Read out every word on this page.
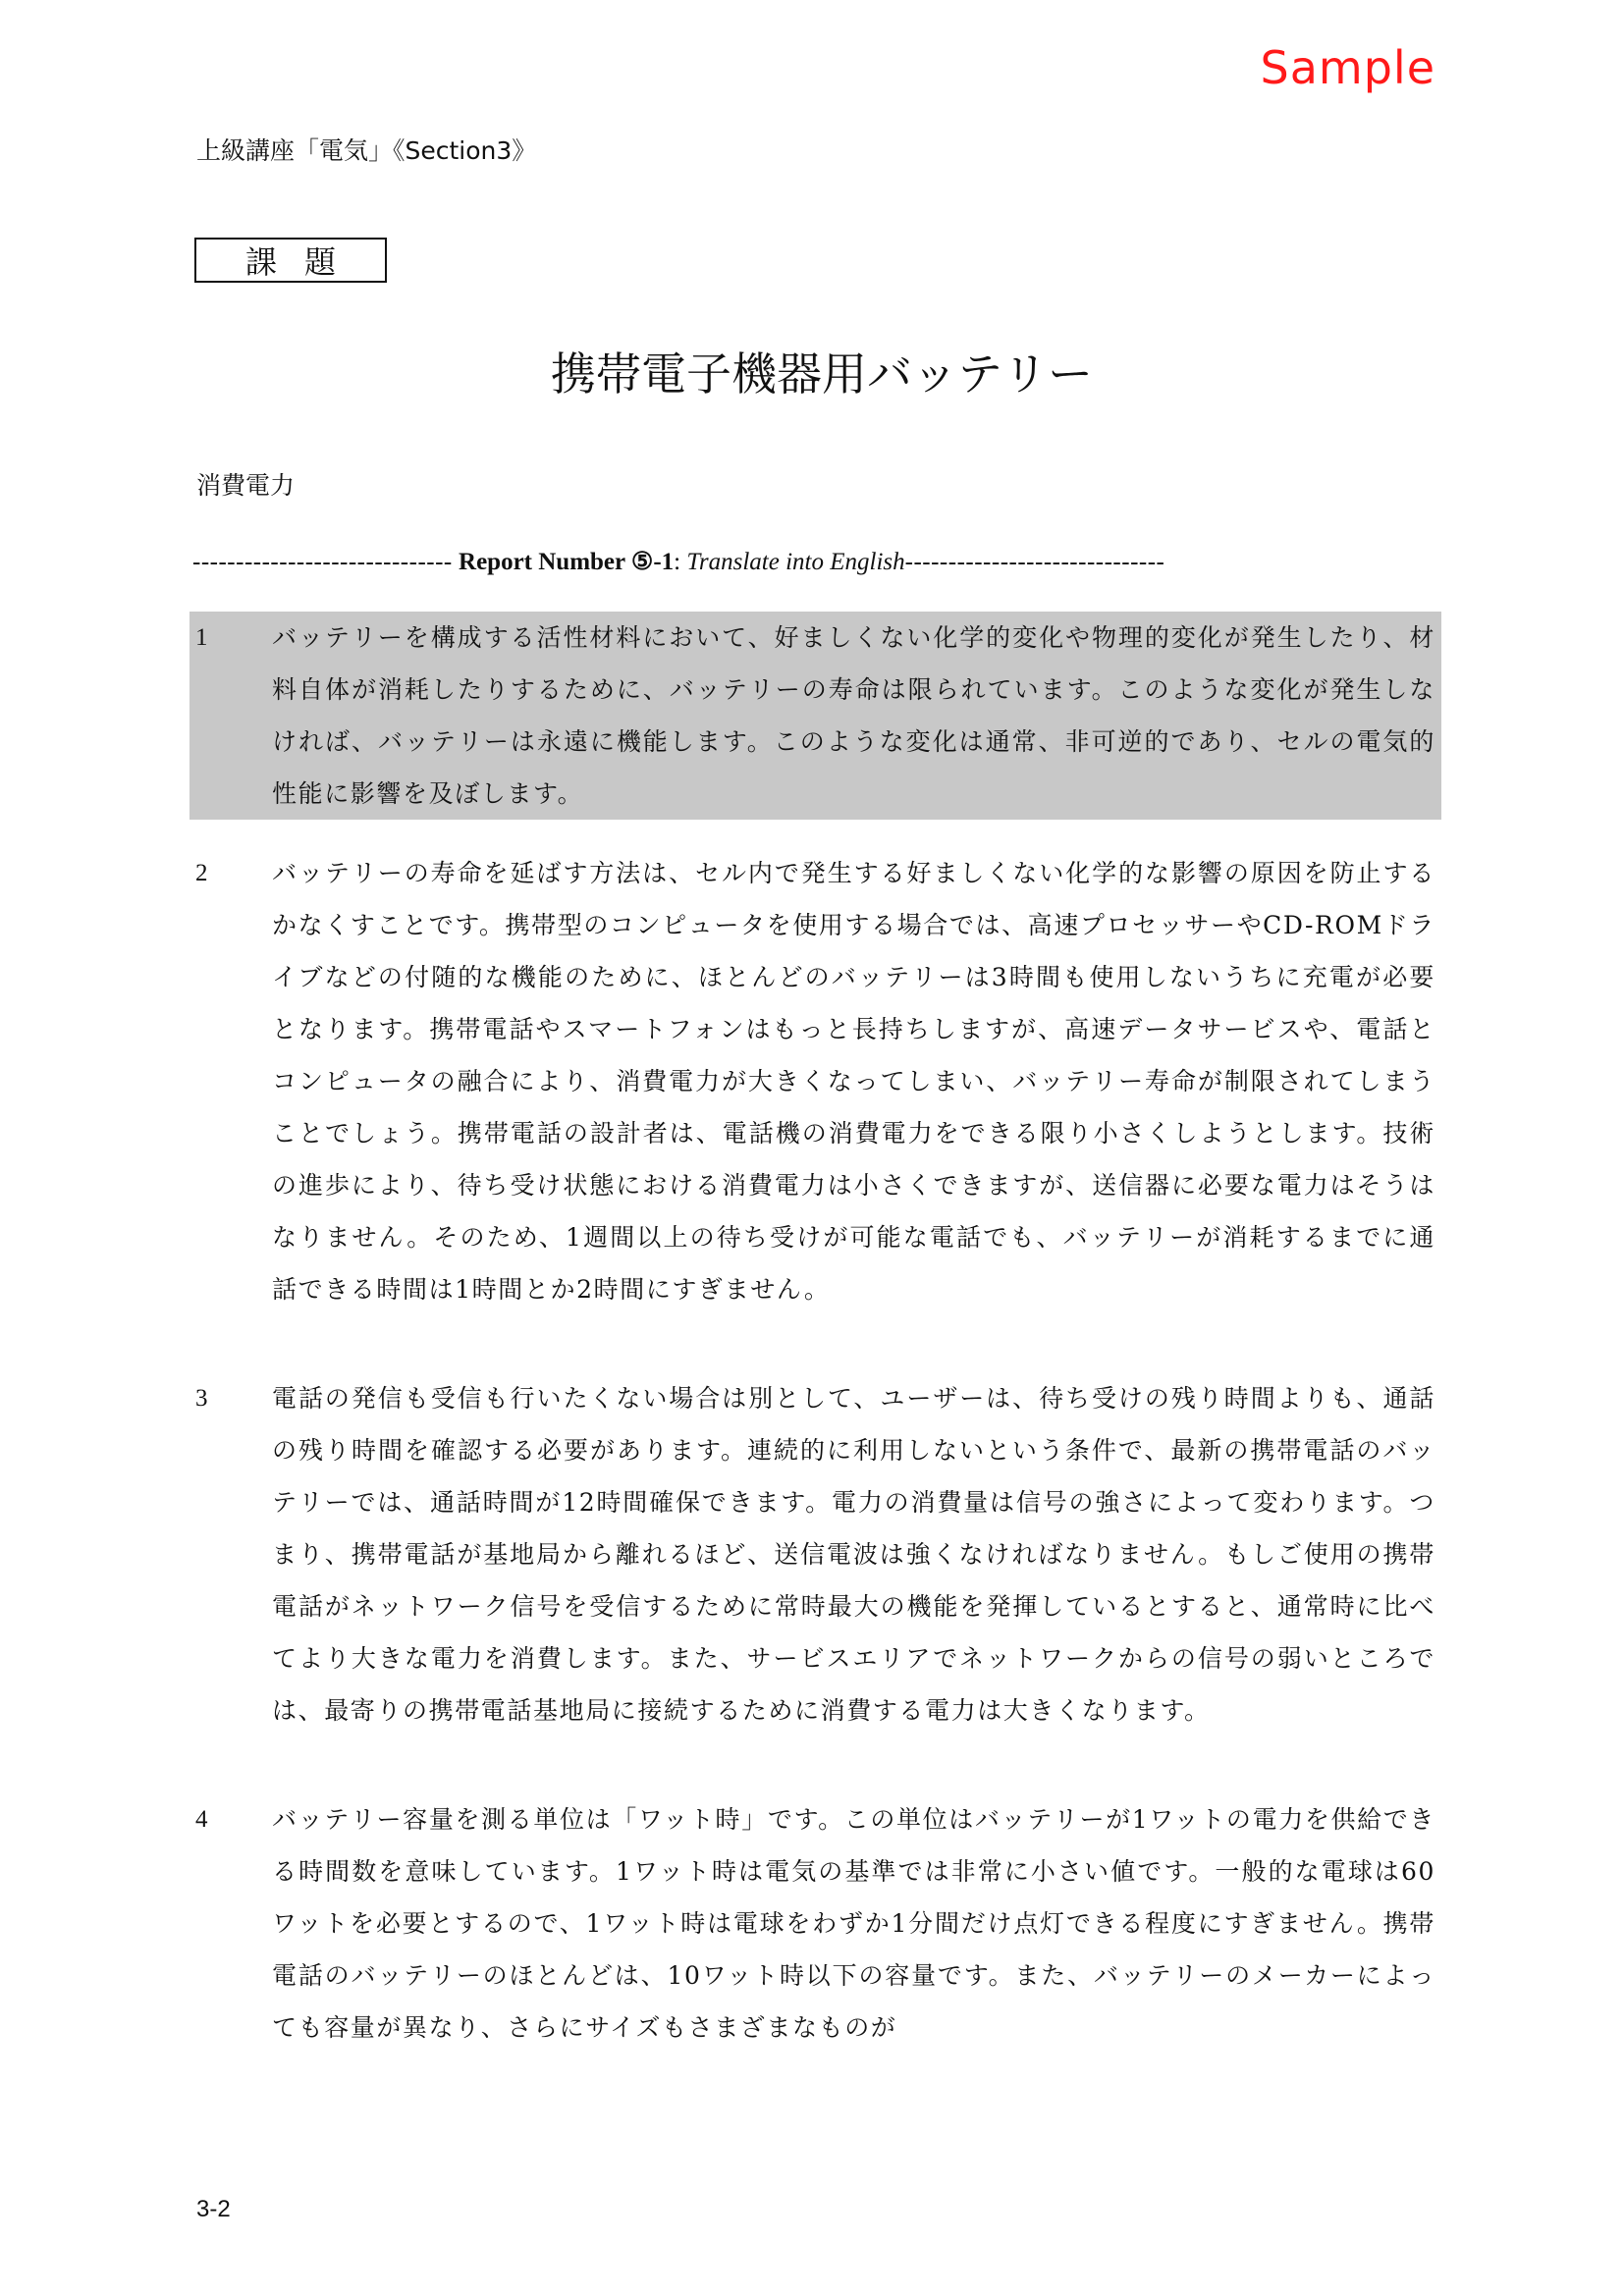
Sample
上級講座「電気」《Section3》
課題
携帯電子機器用バッテリー
消費電力
------------------------------ Report Number ⑤-1: Translate into English------------------------------
1	バッテリーを構成する活性材料において、好ましくない化学的変化や物理的変化が発生したり、材料自体が消耗したりするために、バッテリーの寿命は限られています。このような変化が発生しなければ、バッテリーは永遠に機能します。このような変化は通常、非可逆的であり、セルの電気的性能に影響を及ぼします。
2	バッテリーの寿命を延ばす方法は、セル内で発生する好ましくない化学的な影響の原因を防止するかなくすことです。携帯型のコンピュータを使用する場合では、高速プロセッサーやCD-ROMドライブなどの付随的な機能のために、ほとんどのバッテリーは3時間も使用しないうちに充電が必要となります。携帯電話やスマートフォンはもっと長持ちしますが、高速データサービスや、電話とコンピュータの融合により、消費電力が大きくなってしまい、バッテリー寿命が制限されてしまうことでしょう。携帯電話の設計者は、電話機の消費電力をできる限り小さくしようとします。技術の進歩により、待ち受け状態における消費電力は小さくできますが、送信器に必要な電力はそうはなりません。そのため、1週間以上の待ち受けが可能な電話でも、バッテリーが消耗するまでに通話できる時間は1時間とか2時間にすぎません。
3	電話の発信も受信も行いたくない場合は別として、ユーザーは、待ち受けの残り時間よりも、通話の残り時間を確認する必要があります。連続的に利用しないという条件で、最新の携帯電話のバッテリーでは、通話時間が12時間確保できます。電力の消費量は信号の強さによって変わります。つまり、携帯電話が基地局から離れるほど、送信電波は強くなければなりません。もしご使用の携帯電話がネットワーク信号を受信するために常時最大の機能を発揮しているとすると、通常時に比べてより大きな電力を消費します。また、サービスエリアでネットワークからの信号の弱いところでは、最寄りの携帯電話基地局に接続するために消費する電力は大きくなります。
4	バッテリー容量を測る単位は「ワット時」です。この単位はバッテリーが1ワットの電力を供給できる時間数を意味しています。1ワット時は電気の基準では非常に小さい値です。一般的な電球は60ワットを必要とするので、1ワット時は電球をわずか1分間だけ点灯できる程度にすぎません。携帯電話のバッテリーのほとんどは、10ワット時以下の容量です。また、バッテリーのメーカーによっても容量が異なり、さらにサイズもさまざまなものが
3-2
